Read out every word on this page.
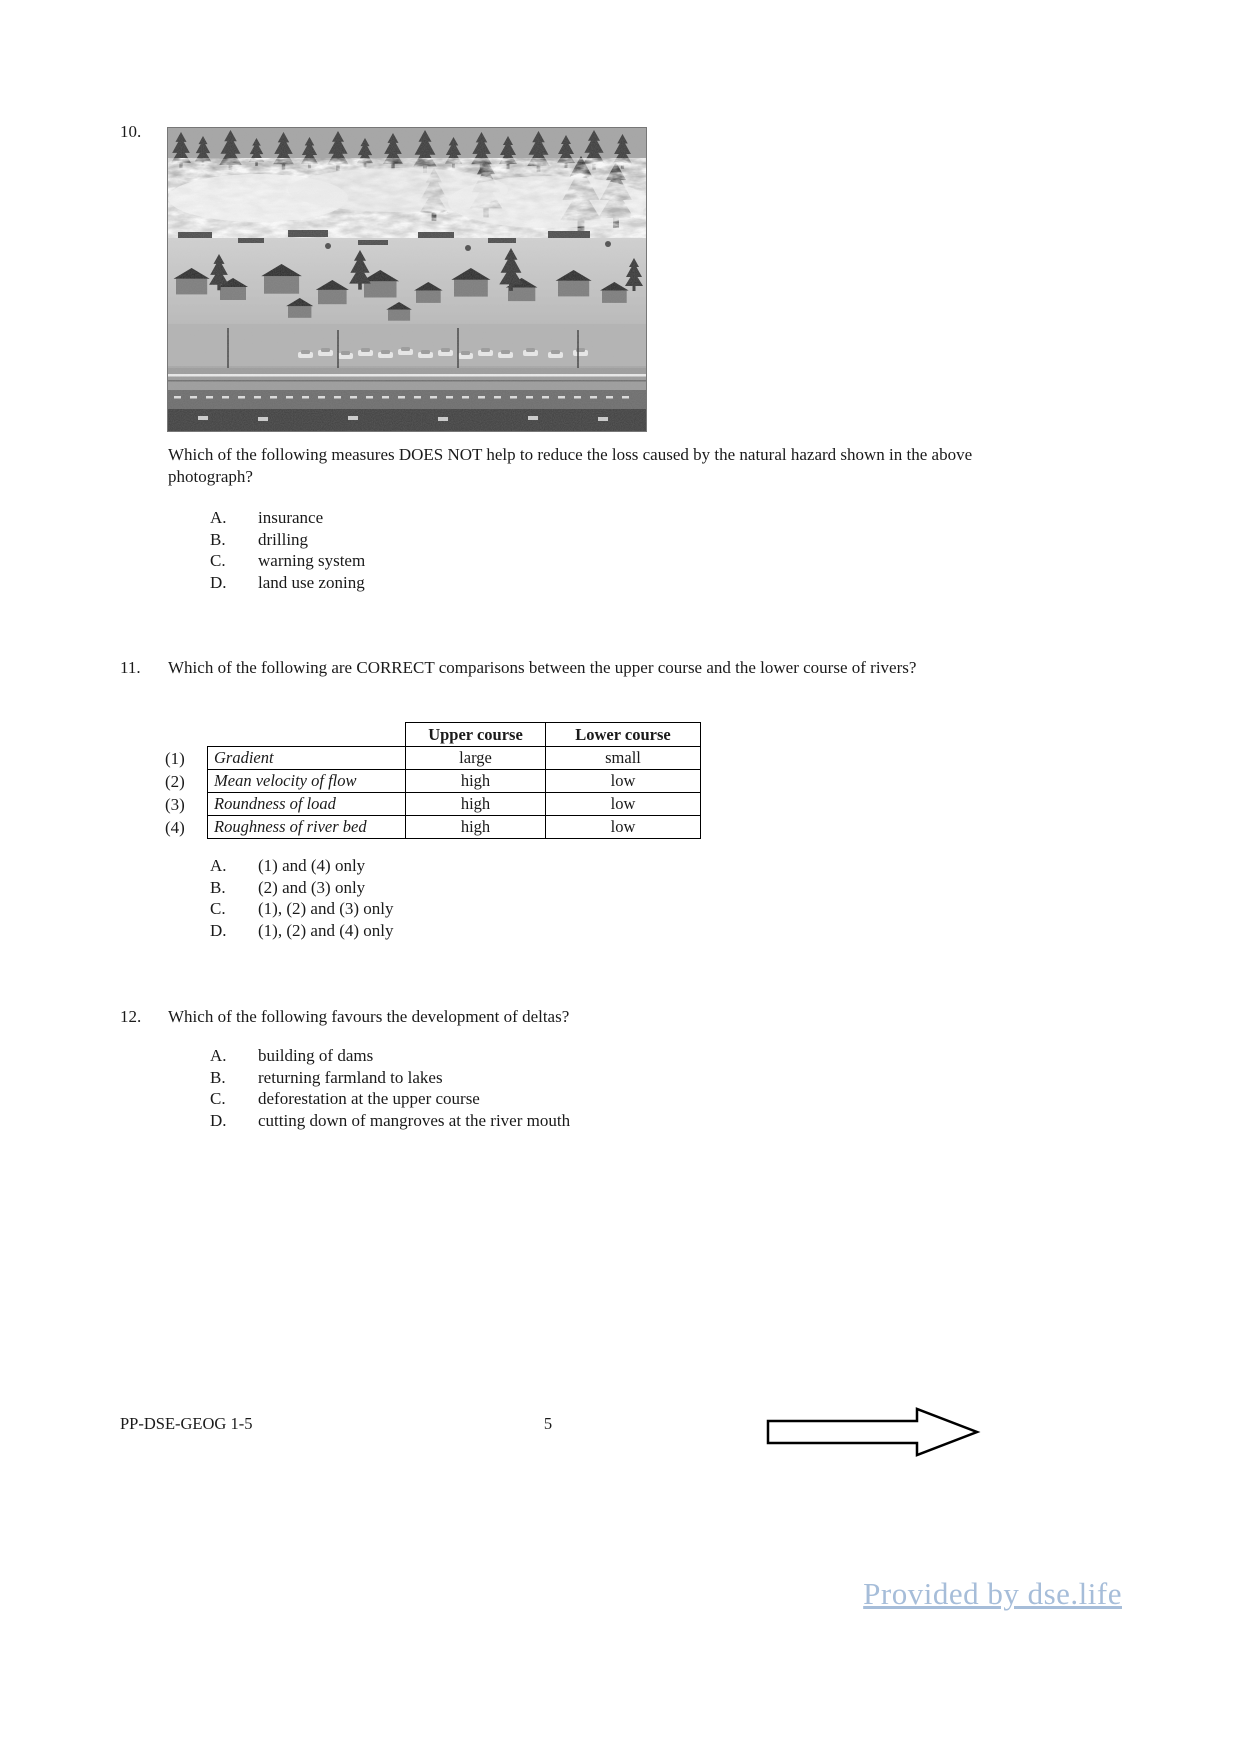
10.
Which of the following measures DOES NOT help to reduce the loss caused by the natural hazard shown in the above photograph?
A.	insurance
B.	drilling
C.	warning system
D.	land use zoning
11. Which of the following are CORRECT comparisons between the upper course and the lower course of rivers?
(1)
(2)
(3)
(4)
	Upper course	Lower course
Gradient	large	small
Mean velocity of flow	high	low
Roundness of load	high	low
Roughness of river bed	high	low
A.	(1) and (4) only
B.	(2) and (3) only
C.	(1), (2) and (3) only
D.	(1), (2) and (4) only
12. Which of the following favours the development of deltas?
A.	building of dams
B.	returning farmland to lakes
C.	deforestation at the upper course
D.	cutting down of mangroves at the river mouth
PP-DSE-GEOG 1-5	5
Provided by dse.life
